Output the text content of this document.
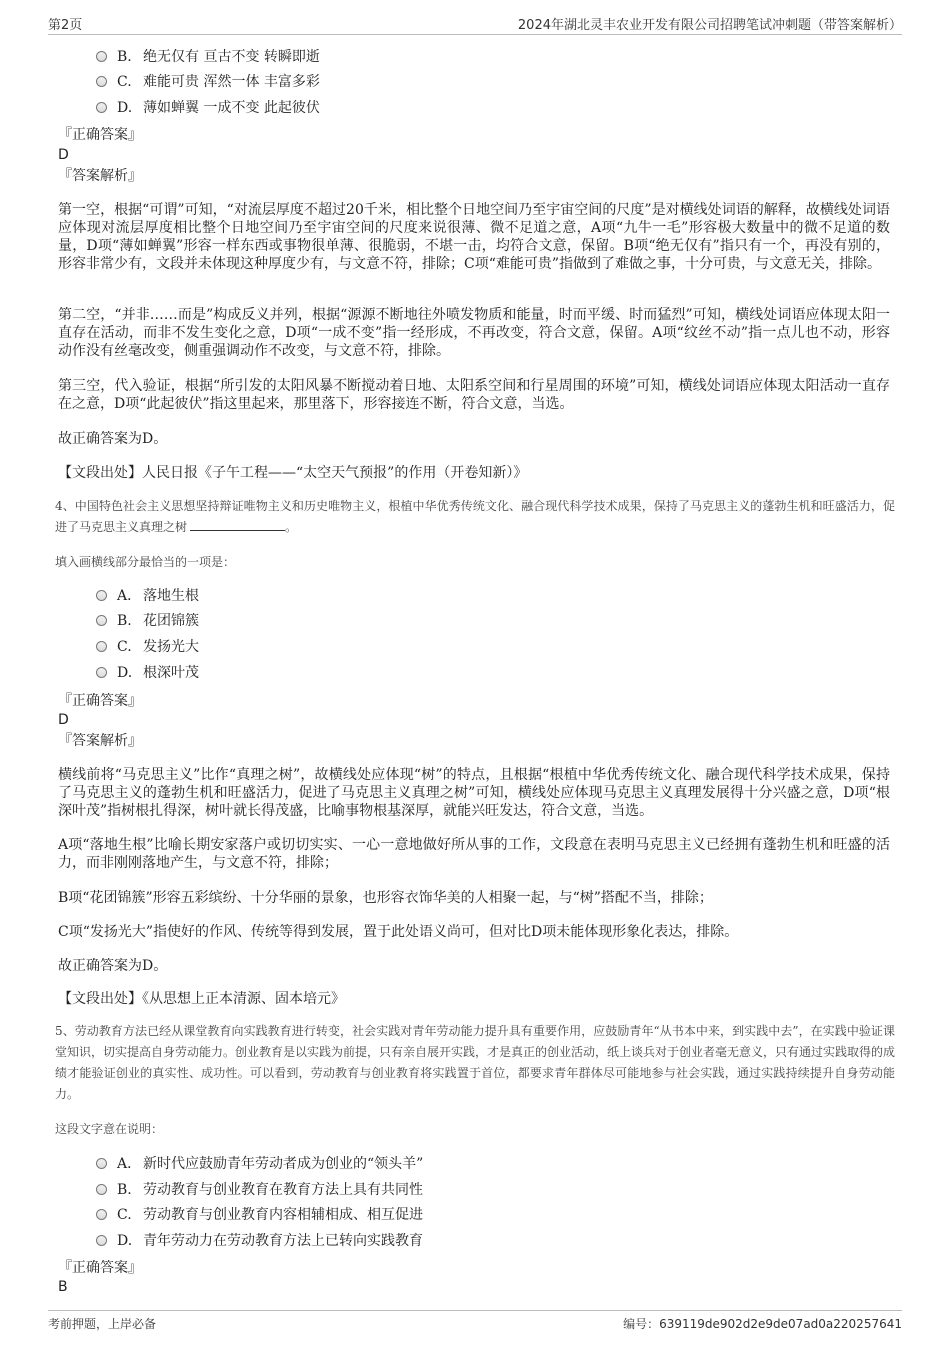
第2页	2024年湖北灵丰农业开发有限公司招聘笔试冲刺题（带答案解析）
B. 绝无仅有 亘古不变 转瞬即逝
C. 难能可贵 浑然一体 丰富多彩
D. 薄如蝉翼 一成不变 此起彼伏
『正确答案』
D
『答案解析』
第一空，根据“可谓”可知，“对流层厚度不超过20千米，相比整个日地空间乃至宇宙空间的尺度”是对横线处词语的解释，故横线处词语应体现对流层厚度相比整个日地空间乃至宇宙空间的尺度来说很薄、微不足道之意，A项“九牛一毛”形容极大数量中的微不足道的数量，D项“薄如蝉翼”形容一样东西或事物很单薄、很脆弱，不堪一击，均符合文意，保留。B项“绝无仅有”指只有一个，再没有别的，形容非常少有，文段并未体现这种厚度少有，与文意不符，排除；C项“难能可贵”指做到了难做之事，十分可贵，与文意无关，排除。
第二空，“并非……而是”构成反义并列，根据“源源不断地往外喷发物质和能量，时而平缓、时而猛烈”可知，横线处词语应体现太阳一直存在活动，而非不发生变化之意，D项“一成不变”指一经形成，不再改变，符合文意，保留。A项“纹丝不动”指一点儿也不动，形容动作没有丝毫改变，侧重强调动作不改变，与文意不符，排除。
第三空，代入验证，根据“所引发的太阳风暴不断搅动着日地、太阳系空间和行星周围的环境”可知，横线处词语应体现太阳活动一直存在之意，D项“此起彼伏”指这里起来，那里落下，形容接连不断，符合文意，当选。
故正确答案为D。
【文段出处】人民日报《子午工程——“太空天气预报”的作用（开卷知新）》
4、中国特色社会主义思想坚持辩证唯物主义和历史唯物主义，根植中华优秀传统文化、融合现代科学技术成果，保持了马克思主义的蓬勃生机和旺盛活力，促进了马克思主义真理之树	。
填入画横线部分最恰当的一项是：
A． 落地生根
B. 花团锦簇
C. 发扬光大
D. 根深叶茂
『正确答案』
D
『答案解析』
横线前将“马克思主义”比作“真理之树”，故横线处应体现“树”的特点，且根据“根植中华优秀传统文化、融合现代科学技术成果，保持了马克思主义的蓬勃生机和旺盛活力，促进了马克思主义真理之树”可知，横线处应体现马克思主义真理发展得十分兴盛之意，D项“根深叶茂”指树根扎得深，树叶就长得茂盛，比喻事物根基深厚，就能兴旺发达，符合文意，当选。
A项“落地生根”比喻长期安家落户或切切实实、一心一意地做好所从事的工作，文段意在表明马克思主义已经拥有蓬勃生机和旺盛的活力，而非刚刚落地产生，与文意不符，排除；
B项“花团锦簇”形容五彩缤纷、十分华丽的景象，也形容衣饰华美的人相聚一起，与“树”搭配不当，排除；
C项“发扬光大”指使好的作风、传统等得到发展，置于此处语义尚可，但对比D项未能体现形象化表达，排除。
故正确答案为D。
【文段出处】《从思想上正本清源、固本培元》
5、劳动教育方法已经从课堂教育向实践教育进行转变，社会实践对青年劳动能力提升具有重要作用，应鼓励青年“从书本中来，到实践中去”，在实践中验证课堂知识，切实提高自身劳动能力。创业教育是以实践为前提，只有亲自展开实践，才是真正的创业活动，纸上谈兵对于创业者毫无意义，只有通过实践取得的成绩才能验证创业的真实性、成功性。可以看到，劳动教育与创业教育将实践置于首位，都要求青年群体尽可能地参与社会实践，通过实践持续提升自身劳动能力。
这段文字意在说明：
A． 新时代应鼓励青年劳动者成为创业的“领头羊”
B. 劳动教育与创业教育在教育方法上具有共同性
C. 劳动教育与创业教育内容相辅相成、相互促进
D. 青年劳动力在劳动教育方法上已转向实践教育
『正确答案』
B
考前押题，上岸必备	编号：639119de902d2e9de07ad0a220257641
